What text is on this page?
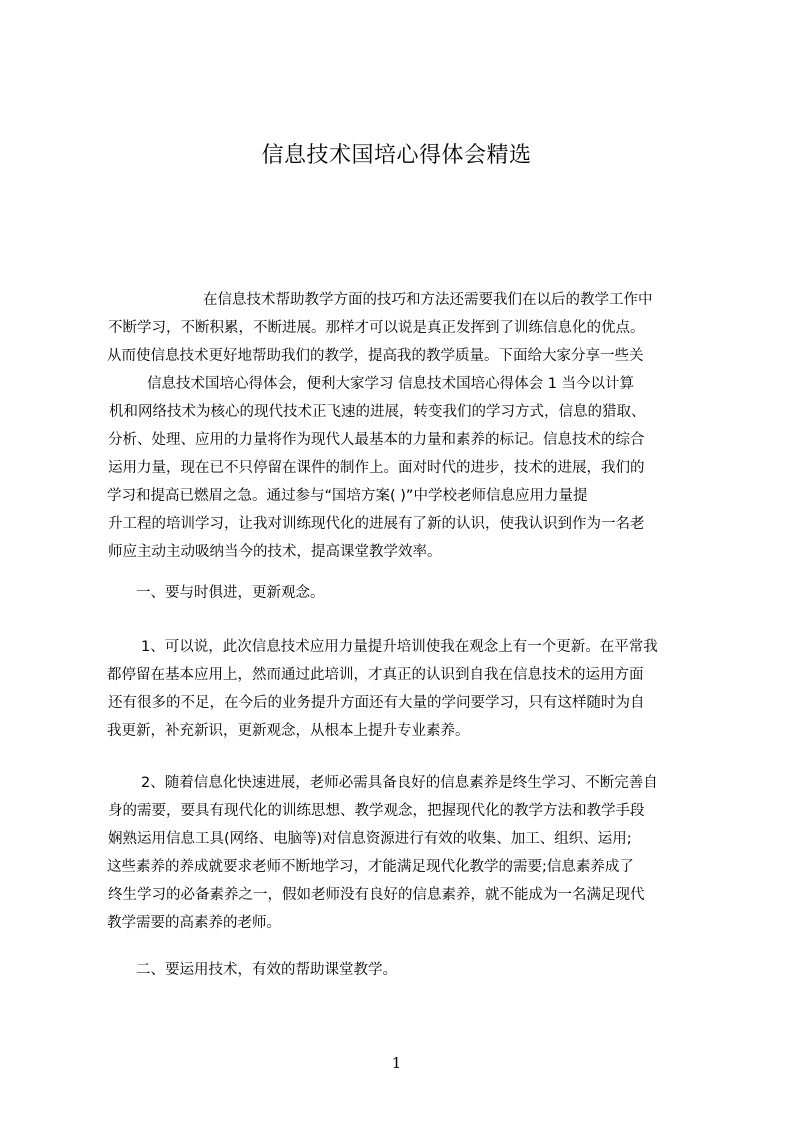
信息技术国培心得体会精选
在信息技术帮助教学方面的技巧和方法还需要我们在以后的教学工作中
不断学习，不断积累，不断进展。那样才可以说是真正发挥到了训练信息化的优点。
从而使信息技术更好地帮助我们的教学，提高我的教学质量。下面给大家分享一些关
信息技术国培心得体会，便利大家学习 信息技术国培心得体会 1 当今以计算
机和网络技术为核心的现代技术正飞速的进展，转变我们的学习方式，信息的猎取、
分析、处理、应用的力量将作为现代人最基本的力量和素养的标记。信息技术的综合
运用力量，现在已不只停留在课件的制作上。面对时代的进步，技术的进展，我们的
学习和提高已燃眉之急。通过参与“国培方案( )”中学校老师信息应用力量提
升工程的培训学习，让我对训练现代化的进展有了新的认识，使我认识到作为一名老
师应主动主动吸纳当今的技术，提高课堂教学效率。
一、要与时俱进，更新观念。
1、可以说，此次信息技术应用力量提升培训使我在观念上有一个更新。在平常我
都停留在基本应用上，然而通过此培训，才真正的认识到自我在信息技术的运用方面
还有很多的不足，在今后的业务提升方面还有大量的学问要学习，只有这样随时为自
我更新，补充新识，更新观念，从根本上提升专业素养。
2、随着信息化快速进展，老师必需具备良好的信息素养是终生学习、不断完善自
身的需要，要具有现代化的训练思想、教学观念，把握现代化的教学方法和教学手段
娴熟运用信息工具(网络、电脑等)对信息资源进行有效的收集、加工、组织、运用;
这些素养的养成就要求老师不断地学习，才能满足现代化教学的需要;信息素养成了
终生学习的必备素养之一，假如老师没有良好的信息素养，就不能成为一名满足现代
教学需要的高素养的老师。
二、要运用技术，有效的帮助课堂教学。
1
